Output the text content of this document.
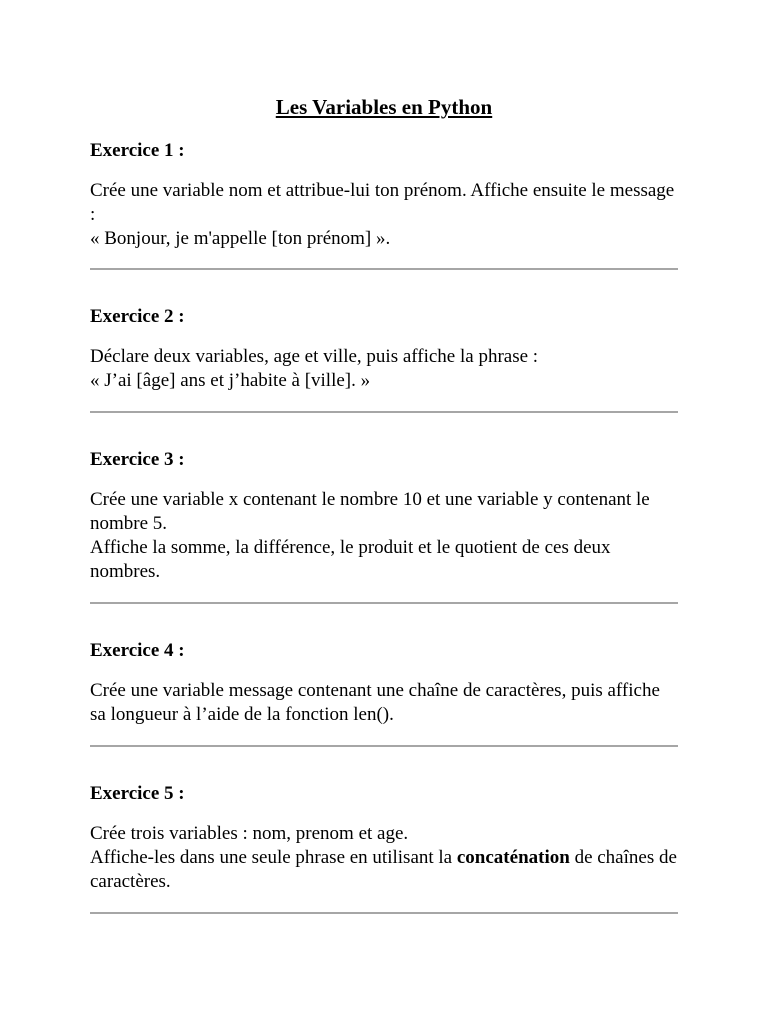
Les Variables en Python

Exercice 1 :

Crée une variable nom et attribue-lui ton prénom. Affiche ensuite le message :
« Bonjour, je m'appelle [ton prénom] ».

Exercice 2 :

Déclare deux variables, age et ville, puis affiche la phrase :
« J’ai [âge] ans et j’habite à [ville]. »

Exercice 3 :

Crée une variable x contenant le nombre 10 et une variable y contenant le nombre 5.
Affiche la somme, la différence, le produit et le quotient de ces deux nombres.

Exercice 4 :

Crée une variable message contenant une chaîne de caractères, puis affiche sa longueur à l’aide de la fonction len().

Exercice 5 :

Crée trois variables : nom, prenom et age.
Affiche-les dans une seule phrase en utilisant la concaténation de chaînes de caractères.
